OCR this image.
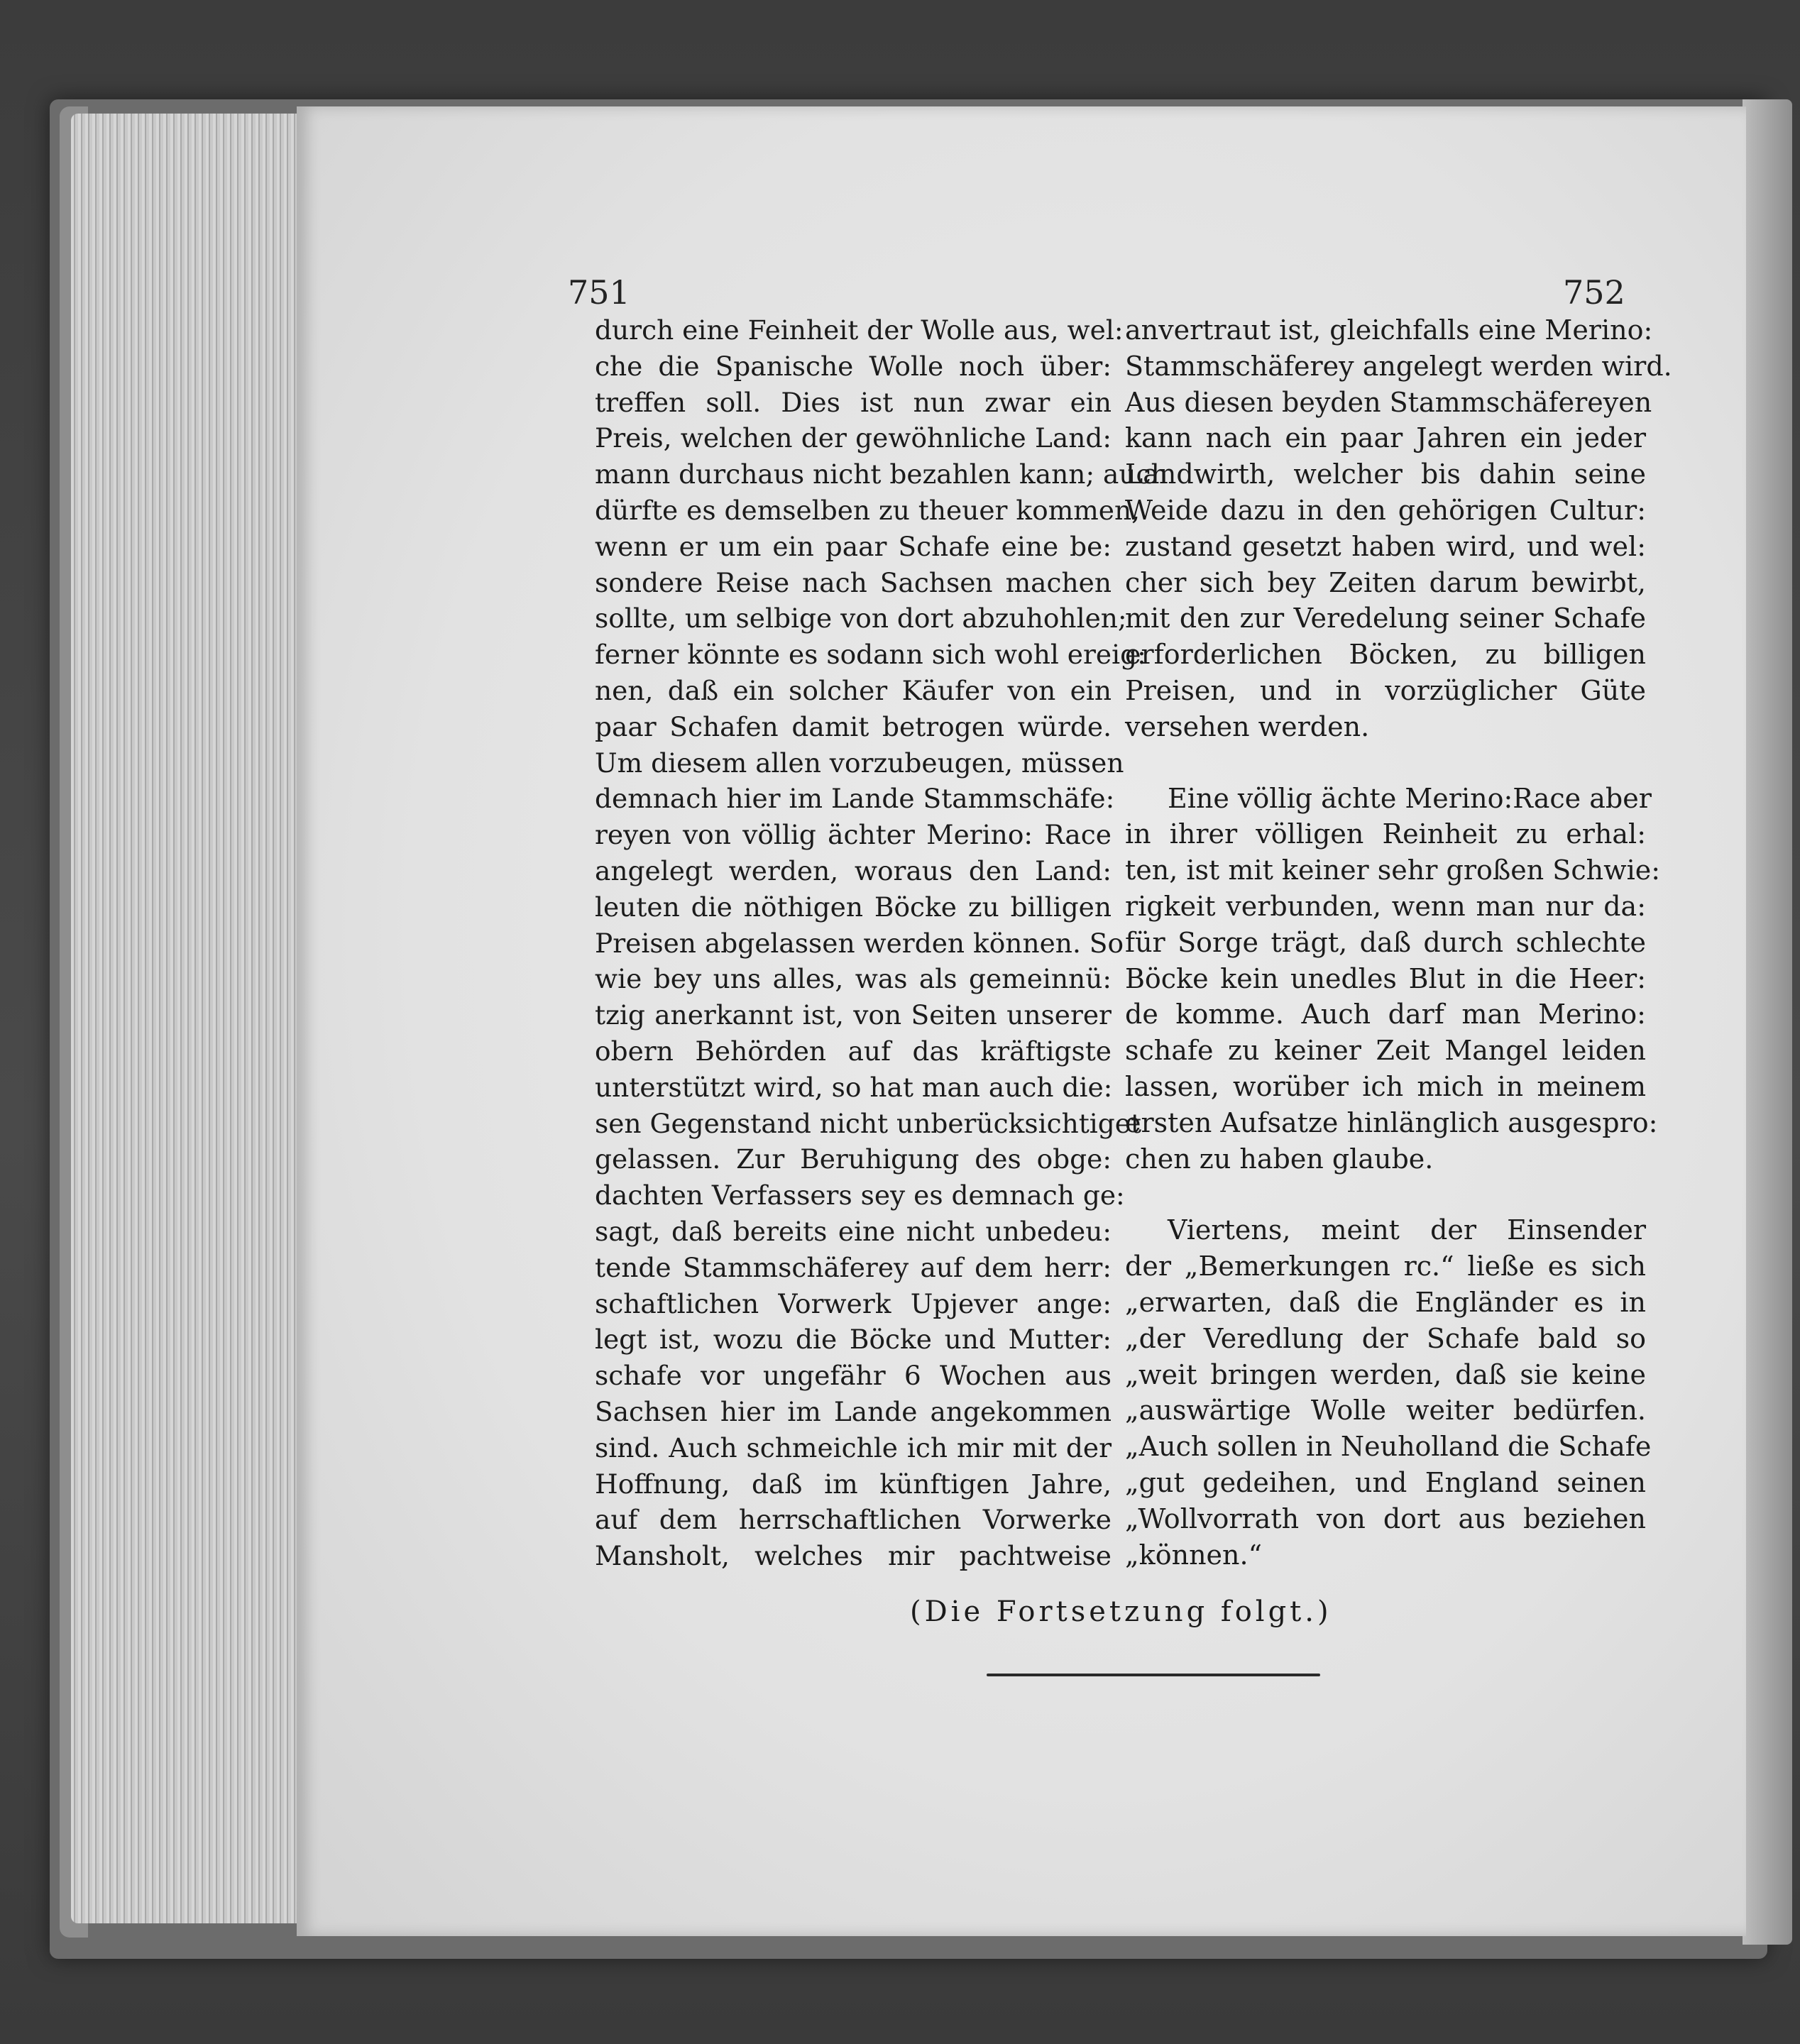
751	752
durch eine Feinheit der Wolle aus, wel:
che die Spanische Wolle noch über:
treffen soll. Dies ist nun zwar ein
Preis, welchen der gewöhnliche Land:
mann durchaus nicht bezahlen kann; auch
dürfte es demselben zu theuer kommen,
wenn er um ein paar Schafe eine be:
sondere Reise nach Sachsen machen
sollte, um selbige von dort abzuhohlen;
ferner könnte es sodann sich wohl ereig:
nen, daß ein solcher Käufer von ein
paar Schafen damit betrogen würde.
Um diesem allen vorzubeugen, müssen
demnach hier im Lande Stammschäfe:
reyen von völlig ächter Merino: Race
angelegt werden, woraus den Land:
leuten die nöthigen Böcke zu billigen
Preisen abgelassen werden können. So
wie bey uns alles, was als gemeinnü:
tzig anerkannt ist, von Seiten unserer
obern Behörden auf das kräftigste
unterstützt wird, so hat man auch die:
sen Gegenstand nicht unberücksichtiget
gelassen. Zur Beruhigung des obge:
dachten Verfassers sey es demnach ge:
sagt, daß bereits eine nicht unbedeu:
tende Stammschäferey auf dem herr:
schaftlichen Vorwerk Upjever ange:
legt ist, wozu die Böcke und Mutter:
schafe vor ungefähr 6 Wochen aus
Sachsen hier im Lande angekommen
sind. Auch schmeichle ich mir mit der
Hoffnung, daß im künftigen Jahre,
auf dem herrschaftlichen Vorwerke
Mansholt, welches mir pachtweise
anvertraut ist, gleichfalls eine Merino:
Stammschäferey angelegt werden wird.
Aus diesen beyden Stammschäfereyen
kann nach ein paar Jahren ein jeder
Landwirth, welcher bis dahin seine
Weide dazu in den gehörigen Cultur:
zustand gesetzt haben wird, und wel:
cher sich bey Zeiten darum bewirbt,
mit den zur Veredelung seiner Schafe
erforderlichen Böcken, zu billigen
Preisen, und in vorzüglicher Güte
versehen werden.
Eine völlig ächte Merino:Race aber
in ihrer völligen Reinheit zu erhal:
ten, ist mit keiner sehr großen Schwie:
rigkeit verbunden, wenn man nur da:
für Sorge trägt, daß durch schlechte
Böcke kein unedles Blut in die Heer:
de komme. Auch darf man Merino:
schafe zu keiner Zeit Mangel leiden
lassen, worüber ich mich in meinem
ersten Aufsatze hinlänglich ausgespro:
chen zu haben glaube.
Viertens, meint der Einsender
der „Bemerkungen rc.“ ließe es sich
„erwarten, daß die Engländer es in
„der Veredlung der Schafe bald so
„weit bringen werden, daß sie keine
„auswärtige Wolle weiter bedürfen.
„Auch sollen in Neuholland die Schafe
„gut gedeihen, und England seinen
„Wollvorrath von dort aus beziehen
„können.“
(Die Fortsetzung folgt.)
